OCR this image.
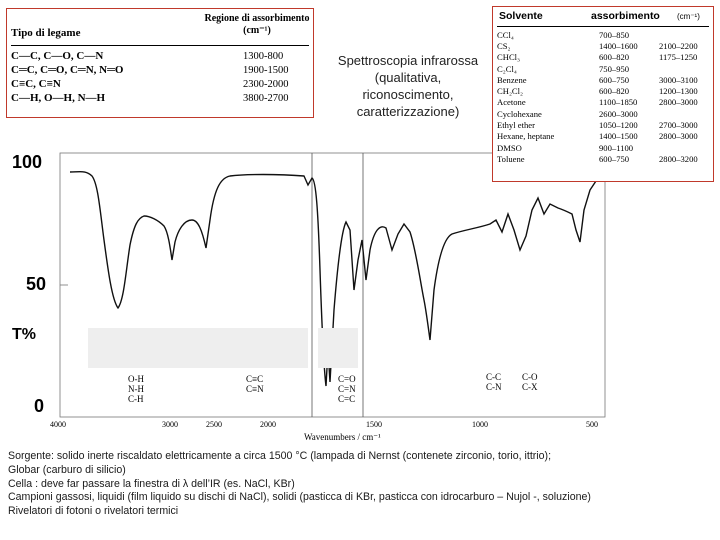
Tipo di legame
Regione di assorbimento (cm⁻¹)
C—C, C—O, C—N	1300-800
C═C, C═O, C═N, N═O	1900-1500
C≡C, C≡N	2300-2000
C—H, O—H, N—H	3800-2700
Spettroscopia infrarossa
(qualitativa,
riconoscimento,
caratterizzazione)
100
50
T%
0
O-H
N-H
C-H
C≡C
C≡N
C=O
C=N
C=C
C-C
C-N
C-O
C-X
4000	3000	2500	2000	1500	1000	500
Wavenumbers / cm⁻¹
Solvente	assorbimento (cm⁻¹)
CCl₄	700–850
CS₂	1400–1600	2100–2200
CHCl₃	600–820	1175–1250
C₂Cl₄	750–950
Benzene	600–750	3000–3100
CH₂Cl₂	600–820	1200–1300
Acetone	1100–1850	2800–3000
Cyclohexane	2600–3000
Ethyl ether	1050–1200	2700–3000
Hexane, heptane	1400–1500	2800–3000
DMSO	900–1100
Toluene	600–750	2800–3200
Sorgente: solido inerte riscaldato elettricamente a circa 1500 °C (lampada di Nernst (contenete zirconio, torio, ittrio);
Globar (carburo di silicio)
Cella : deve far passare la finestra di λ dell’IR (es. NaCl, KBr)
Campioni gassosi, liquidi (film liquido su dischi di NaCl), solidi (pasticca di KBr, pasticca con idrocarburo – Nujol -, soluzione)
Rivelatori di fotoni o rivelatori termici
